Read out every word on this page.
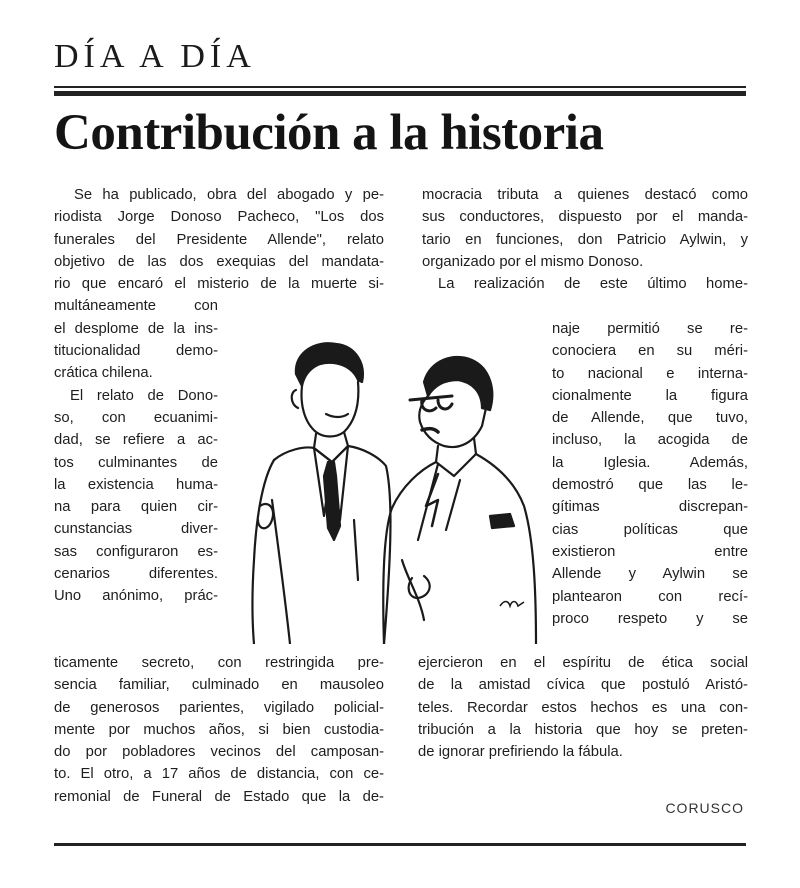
DÍA A DÍA
Contribución a la historia
Se ha publicado, obra del abogado y pe-
riodista Jorge Donoso Pacheco, "Los dos
funerales del Presidente Allende", relato
objetivo de las dos exequias del mandata-
rio que encaró el misterio de la muerte si-
multáneamente con
el desplome de la ins-
titucionalidad demo-
crática chilena.
El relato de Dono-
so, con ecuanimi-
dad, se refiere a ac-
tos culminantes de
la existencia huma-
na para quien cir-
cunstancias diver-
sas configuraron es-
cenarios diferentes.
Uno anónimo, prác-
ticamente secreto, con restringida pre-
sencia familiar, culminado en mausoleo
de generosos parientes, vigilado policial-
mente por muchos años, si bien custodia-
do por pobladores vecinos del camposan-
to. El otro, a 17 años de distancia, con ce-
remonial de Funeral de Estado que la de-
mocracia tributa a quienes destacó como
sus conductores, dispuesto por el manda-
tario en funciones, don Patricio Aylwin, y
organizado por el mismo Donoso.
La realización de este último home-
naje permitió se re-
conociera en su méri-
to nacional e interna-
cionalmente la figura
de Allende, que tuvo,
incluso, la acogida de
la Iglesia. Además,
demostró que las le-
gítimas discrepan-
cias políticas que
existieron entre
Allende y Aylwin se
plantearon con recí-
proco respeto y se
ejercieron en el espíritu de ética social
de la amistad cívica que postuló Aristó-
teles. Recordar estos hechos es una con-
tribución a la historia que hoy se preten-
de ignorar prefiriendo la fábula.

CORUSCO
